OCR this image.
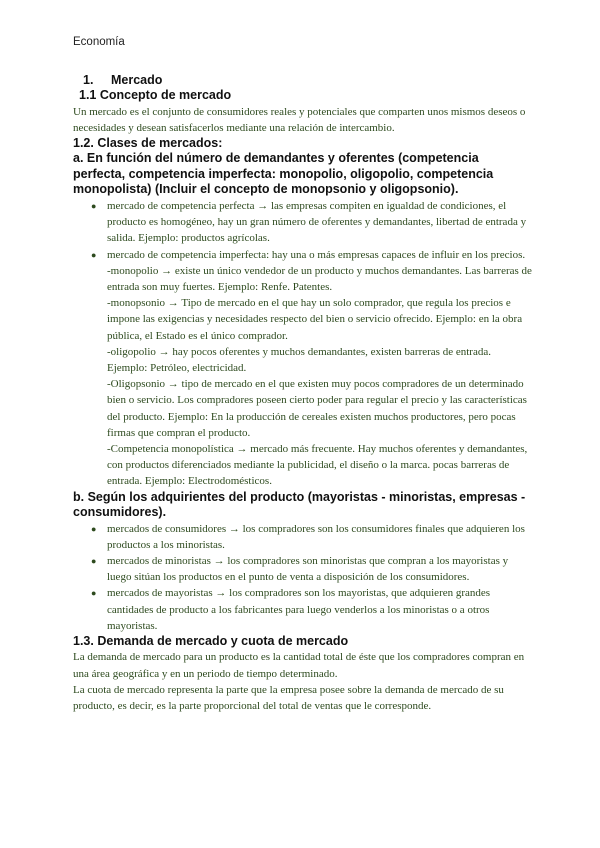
Economía

1. Mercado

1.1 Concepto de mercado

Un mercado es el conjunto de consumidores reales y potenciales que comparten unos mismos deseos o necesidades y desean satisfacerlos mediante una relación de intercambio.

1.2. Clases de mercados:

a. En función del número de demandantes y oferentes (competencia perfecta, competencia imperfecta: monopolio, oligopolio, competencia monopolista) (Incluir el concepto de monopsonio y oligopsonio).

● mercado de competencia perfecta → las empresas compiten en igualdad de condiciones, el producto es homogéneo, hay un gran número de oferentes y demandantes, libertad de entrada y salida. Ejemplo: productos agrícolas.
● mercado de competencia imperfecta: hay una o más empresas capaces de influir en los precios.

-monopolio → existe un único vendedor de un producto y muchos demandantes. Las barreras de entrada son muy fuertes. Ejemplo: Renfe. Patentes.

-monopsonio → Tipo de mercado en el que hay un solo comprador, que regula los precios e impone las exigencias y necesidades respecto del bien o servicio ofrecido. Ejemplo: en la obra pública, el Estado es el único comprador.

-oligopolio → hay pocos oferentes y muchos demandantes, existen barreras de entrada. Ejemplo: Petróleo, electricidad.

-Oligopsonio → tipo de mercado en el que existen muy pocos compradores de un determinado bien o servicio. Los compradores poseen cierto poder para regular el precio y las características del producto. Ejemplo: En la producción de cereales existen muchos productores, pero pocas firmas que compran el producto.

-Competencia monopolística → mercado más frecuente. Hay muchos oferentes y demandantes, con productos diferenciados mediante la publicidad, el diseño o la marca. pocas barreras de entrada. Ejemplo: Electrodomésticos.

b. Según los adquirientes del producto (mayoristas - minoristas, empresas - consumidores).

● mercados de consumidores → los compradores son los consumidores finales que adquieren los productos a los minoristas.
● mercados de minoristas → los compradores son minoristas que compran a los mayoristas y luego sitúan los productos en el punto de venta a disposición de los consumidores.
● mercados de mayoristas → los compradores son los mayoristas, que adquieren grandes cantidades de producto a los fabricantes para luego venderlos a los minoristas o a otros mayoristas.

1.3. Demanda de mercado y cuota de mercado

La demanda de mercado para un producto es la cantidad total de éste que los compradores compran en una área geográfica y en un periodo de tiempo determinado.

La cuota de mercado representa la parte que la empresa posee sobre la demanda de mercado de su producto, es decir, es la parte proporcional del total de ventas que le corresponde.
